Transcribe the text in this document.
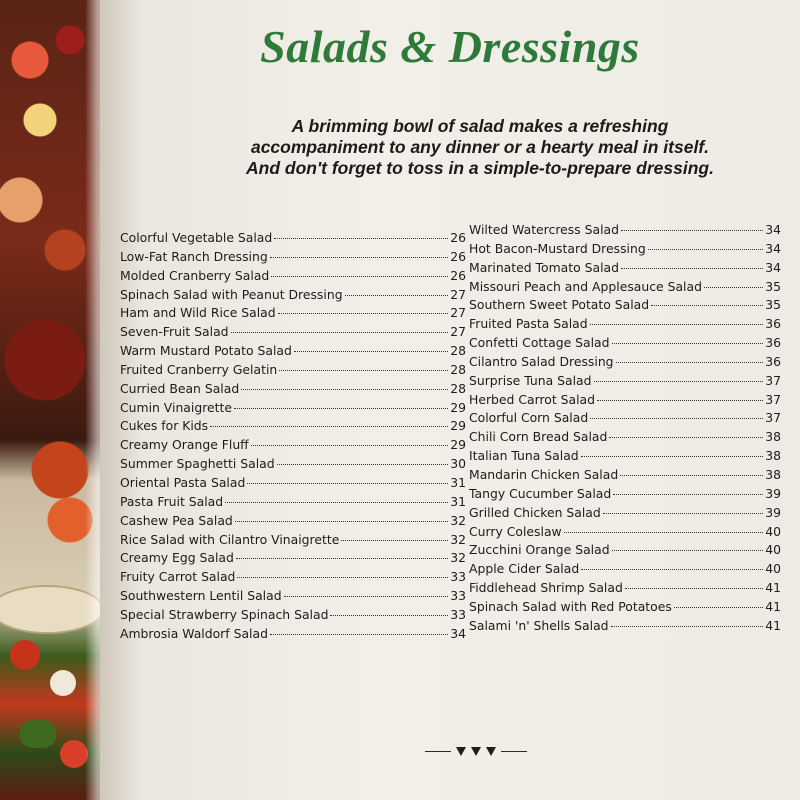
Salads & Dressings
A brimming bowl of salad makes a refreshing
accompaniment to any dinner or a hearty meal in itself.
And don't forget to toss in a simple-to-prepare dressing.
Colorful Vegetable Salad	26
Low-Fat Ranch Dressing	26
Molded Cranberry Salad	26
Spinach Salad with Peanut Dressing	27
Ham and Wild Rice Salad	27
Seven-Fruit Salad	27
Warm Mustard Potato Salad	28
Fruited Cranberry Gelatin	28
Curried Bean Salad	28
Cumin Vinaigrette	29
Cukes for Kids	29
Creamy Orange Fluff	29
Summer Spaghetti Salad	30
Oriental Pasta Salad	31
Pasta Fruit Salad	31
Cashew Pea Salad	32
Rice Salad with Cilantro Vinaigrette	32
Creamy Egg Salad	32
Fruity Carrot Salad	33
Southwestern Lentil Salad	33
Special Strawberry Spinach Salad	33
Ambrosia Waldorf Salad	34
Wilted Watercress Salad	34
Hot Bacon-Mustard Dressing	34
Marinated Tomato Salad	34
Missouri Peach and Applesauce Salad	35
Southern Sweet Potato Salad	35
Fruited Pasta Salad	36
Confetti Cottage Salad	36
Cilantro Salad Dressing	36
Surprise Tuna Salad	37
Herbed Carrot Salad	37
Colorful Corn Salad	37
Chili Corn Bread Salad	38
Italian Tuna Salad	38
Mandarin Chicken Salad	38
Tangy Cucumber Salad	39
Grilled Chicken Salad	39
Curry Coleslaw	40
Zucchini Orange Salad	40
Apple Cider Salad	40
Fiddlehead Shrimp Salad	41
Spinach Salad with Red Potatoes	41
Salami 'n' Shells Salad	41
